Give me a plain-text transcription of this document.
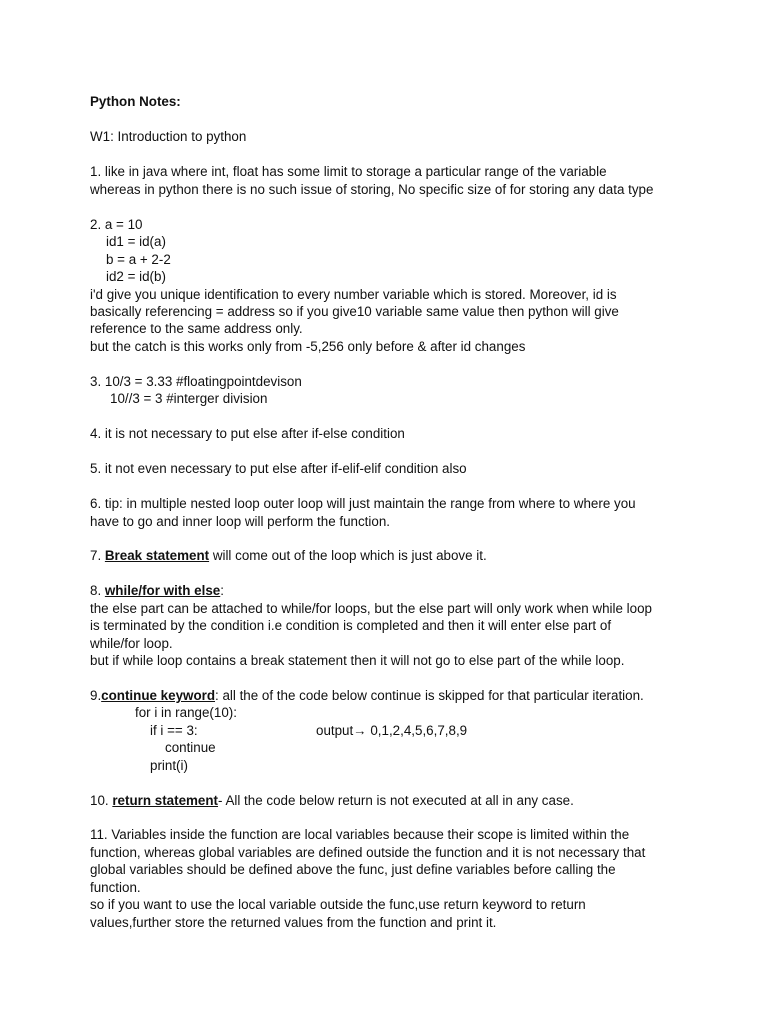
Python Notes:
W1: Introduction to python
1. like in java where int, float has some limit to storage a particular range of the variable
whereas in python there is no such issue of storing, No specific size of for storing any data type
2. a = 10
id1 = id(a)
b = a + 2-2
id2 = id(b)
i'd give you unique identification to every number variable which is stored. Moreover, id is
basically referencing = address so if you give10 variable same value then python will give
reference to the same address only.
but the catch is this works only from -5,256 only before & after id changes
3. 10/3 = 3.33 #floatingpointdevison
10//3 = 3 #interger division
4. it is not necessary to put else after if-else condition
5. it not even necessary to put else after if-elif-elif condition also
6. tip: in multiple nested loop outer loop will just maintain the range from where to where you
have to go and inner loop will perform the function.
7. Break statement will come out of the loop which is just above it.
8. while/for with else:
the else part can be attached to while/for loops, but the else part will only work when while loop
is terminated by the condition i.e condition is completed and then it will enter else part of
while/for loop.
but if while loop contains a break statement then it will not go to else part of the while loop.
9.continue keyword: all the of the code below continue is skipped for that particular iteration.
for i in range(10):
if i == 3:	output→ 0,1,2,4,5,6,7,8,9
continue
print(i)
10. return statement- All the code below return is not executed at all in any case.
11. Variables inside the function are local variables because their scope is limited within the
function, whereas global variables are defined outside the function and it is not necessary that
global variables should be defined above the func, just define variables before calling the
function.
so if you want to use the local variable outside the func,use return keyword to return
values,further store the returned values from the function and print it.
